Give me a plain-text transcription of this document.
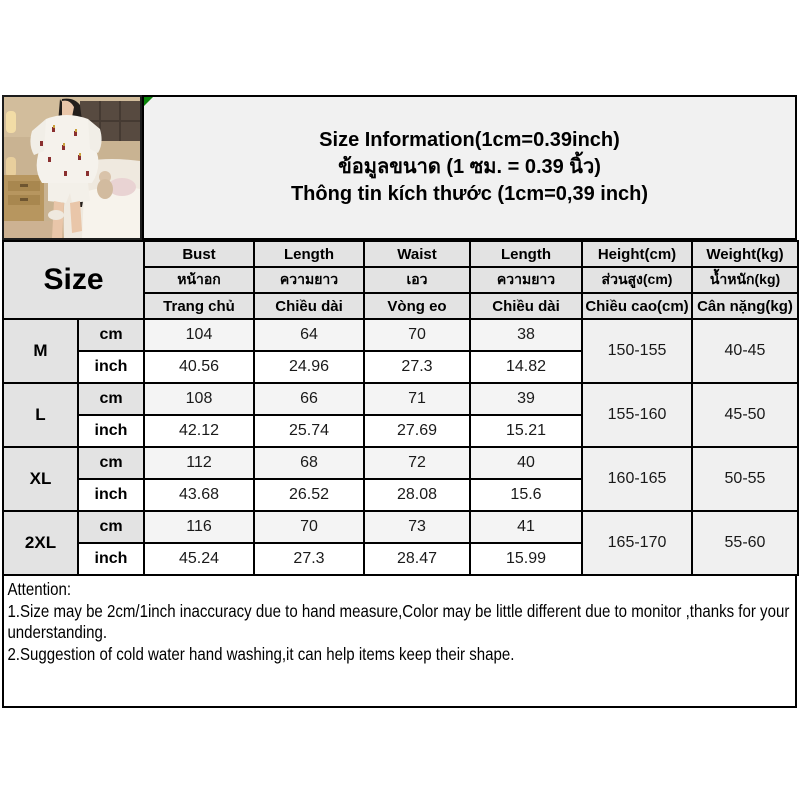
Size Information(1cm=0.39inch)
ข้อมูลขนาด (1 ซม. = 0.39 นิ้ว)
Thông tin kích thước (1cm=0,39 inch)
Size		Bust	Length	Waist	Length	Height(cm)	Weight(kg)
		หน้าอก	ความยาว	เอว	ความยาว	ส่วนสูง(cm)	น้ำหนัก(kg)
		Trang chủ	Chiều dài	Vòng eo	Chiều dài	Chiều cao(cm)	Cân nặng(kg)
M	cm	104	64	70	38	150-155	40-45
	inch	40.56	24.96	27.3	14.82		
L	cm	108	66	71	39	155-160	45-50
	inch	42.12	25.74	27.69	15.21		
XL	cm	112	68	72	40	160-165	50-55
	inch	43.68	26.52	28.08	15.6		
2XL	cm	116	70	73	41	165-170	55-60
	inch	45.24	27.3	28.47	15.99		
Attention:
1.Size may be 2cm/1inch inaccuracy due to hand measure,Color may be little different due to monitor ,thanks for your understanding.
2.Suggestion of cold water hand washing,it can help items keep their shape.
